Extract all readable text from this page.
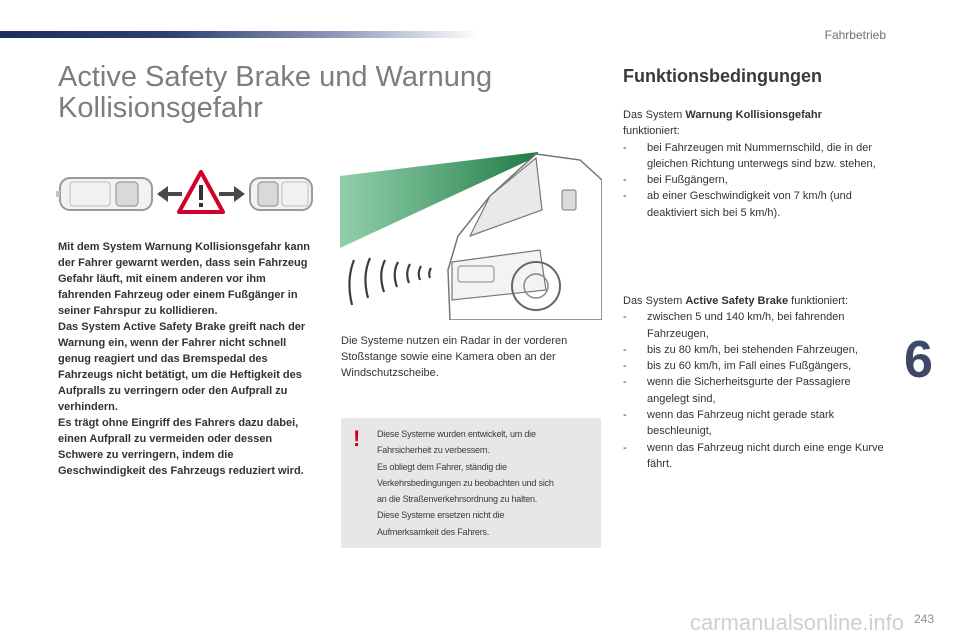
Fahrbetrieb
Active Safety Brake und Warnung
Kollisionsgefahr

Mit dem System Warnung Kollisionsgefahr kann der Fahrer gewarnt werden, dass sein Fahrzeug Gefahr läuft, mit einem anderen vor ihm fahrenden Fahrzeug oder einem Fußgänger in seiner Fahrspur zu kollidieren.

Das System Active Safety Brake greift nach der Warnung ein, wenn der Fahrer nicht schnell genug reagiert und das Bremspedal des Fahrzeugs nicht betätigt, um die Heftigkeit des Aufpralls zu verringern oder den Aufprall zu verhindern.

Es trägt ohne Eingriff des Fahrers dazu dabei, einen Aufprall zu vermeiden oder dessen Schwere zu verringern, indem die Geschwindigkeit des Fahrzeugs reduziert wird.

Die Systeme nutzen ein Radar in der vorderen Stoßstange sowie eine Kamera oben an der Windschutzscheibe.
! Diese Systeme wurden entwickelt, um die
Fahrsicherheit zu verbessern.
Es obliegt dem Fahrer, ständig die
Verkehrsbedingungen zu beobachten und sich
an die Straßenverkehrsordnung zu halten.
Diese Systeme ersetzen nicht die
Aufmerksamkeit des Fahrers.
Funktionsbedingungen
Das System Warnung Kollisionsgefahr
funktioniert:
- bei Fahrzeugen mit Nummernschild, die in der gleichen Richtung unterwegs sind bzw. stehen,
- bei Fußgängern,
- ab einer Geschwindigkeit von 7 km/h (und deaktiviert sich bei 5 km/h).
Das System Active Safety Brake funktioniert:
- zwischen 5 und 140 km/h, bei fahrenden Fahrzeugen,
- bis zu 80 km/h, bei stehenden Fahrzeugen,
- bis zu 60 km/h, im Fall eines Fußgängers,
- wenn die Sicherheitsgurte der Passagiere angelegt sind,
- wenn das Fahrzeug nicht gerade stark beschleunigt,
- wenn das Fahrzeug nicht durch eine enge Kurve fährt.
6
carmanualsonline.info 243
